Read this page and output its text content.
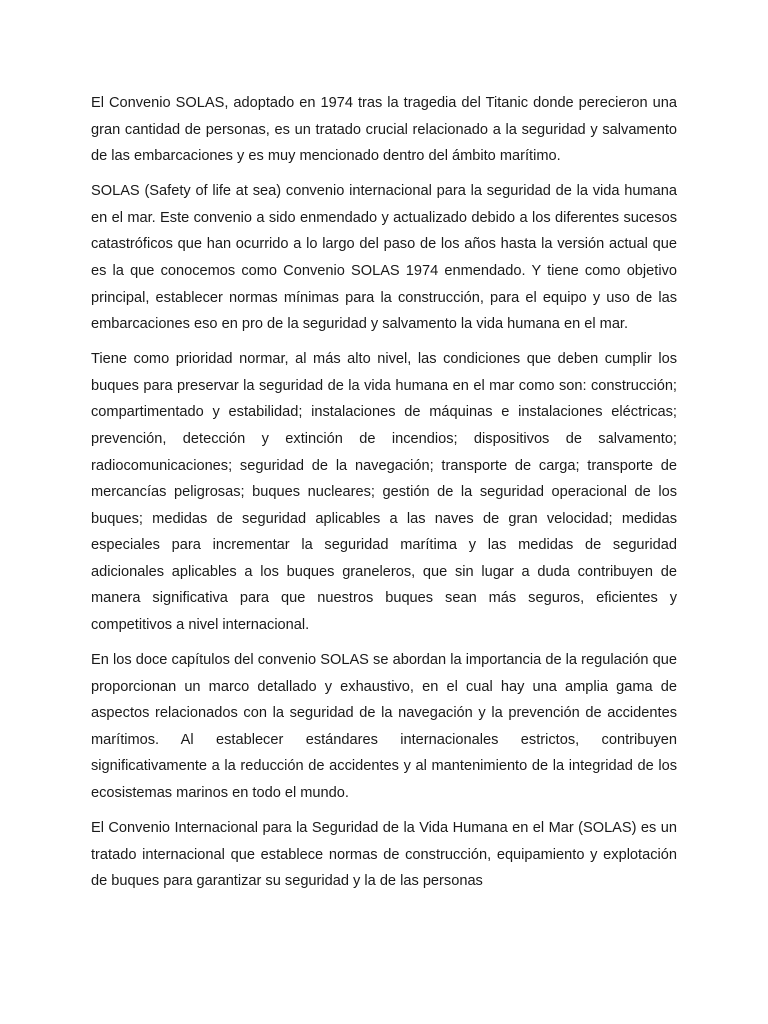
El Convenio SOLAS, adoptado en 1974 tras la tragedia del Titanic donde perecieron una gran cantidad de personas, es un tratado crucial relacionado a la seguridad y salvamento de las embarcaciones y es muy mencionado dentro del ámbito marítimo.

SOLAS (Safety of life at sea) convenio internacional para la seguridad de la vida humana en el mar. Este convenio a sido enmendado y actualizado debido a los diferentes sucesos catastróficos que han ocurrido a lo largo del paso de los años hasta la versión actual que es la que conocemos como Convenio SOLAS 1974 enmendado. Y tiene como objetivo principal, establecer normas mínimas para la construcción, para el equipo y uso de las embarcaciones eso en pro de la seguridad y salvamento la vida humana en el mar.

Tiene como prioridad normar, al más alto nivel, las condiciones que deben cumplir los buques para preservar la seguridad de la vida humana en el mar como son: construcción; compartimentado y estabilidad; instalaciones de máquinas e instalaciones eléctricas; prevención, detección y extinción de incendios; dispositivos de salvamento; radiocomunicaciones; seguridad de la navegación; transporte de carga; transporte de mercancías peligrosas; buques nucleares; gestión de la seguridad operacional de los buques; medidas de seguridad aplicables a las naves de gran velocidad; medidas especiales para incrementar la seguridad marítima y las medidas de seguridad adicionales aplicables a los buques graneleros, que sin lugar a duda contribuyen de manera significativa para que nuestros buques sean más seguros, eficientes y competitivos a nivel internacional.

En los doce capítulos del convenio SOLAS se abordan la importancia de la regulación que proporcionan un marco detallado y exhaustivo, en el cual hay una amplia gama de aspectos relacionados con la seguridad de la navegación y la prevención de accidentes marítimos. Al establecer estándares internacionales estrictos, contribuyen significativamente a la reducción de accidentes y al mantenimiento de la integridad de los ecosistemas marinos en todo el mundo.

El Convenio Internacional para la Seguridad de la Vida Humana en el Mar (SOLAS) es un tratado internacional que establece normas de construcción, equipamiento y explotación de buques para garantizar su seguridad y la de las personas
